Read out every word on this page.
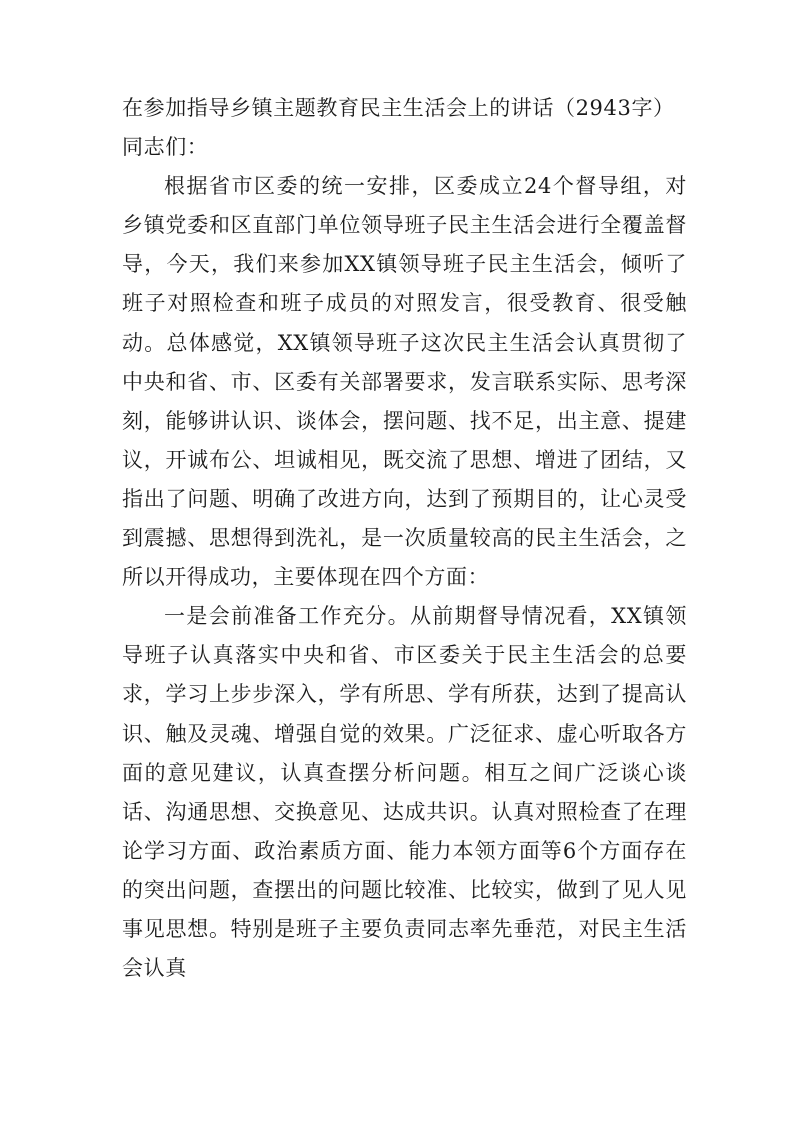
在参加指导乡镇主题教育民主生活会上的讲话（2943字）

同志们：

根据省市区委的统一安排，区委成立24个督导组，对乡镇党委和区直部门单位领导班子民主生活会进行全覆盖督导，今天，我们来参加XX镇领导班子民主生活会，倾听了班子对照检查和班子成员的对照发言，很受教育、很受触动。总体感觉，XX镇领导班子这次民主生活会认真贯彻了中央和省、市、区委有关部署要求，发言联系实际、思考深刻，能够讲认识、谈体会，摆问题、找不足，出主意、提建议，开诚布公、坦诚相见，既交流了思想、增进了团结，又指出了问题、明确了改进方向，达到了预期目的，让心灵受到震撼、思想得到洗礼，是一次质量较高的民主生活会，之所以开得成功，主要体现在四个方面：

一是会前准备工作充分。从前期督导情况看，XX镇领导班子认真落实中央和省、市区委关于民主生活会的总要求，学习上步步深入，学有所思、学有所获，达到了提高认识、触及灵魂、增强自觉的效果。广泛征求、虚心听取各方面的意见建议，认真查摆分析问题。相互之间广泛谈心谈话、沟通思想、交换意见、达成共识。认真对照检查了在理论学习方面、政治素质方面、能力本领方面等6个方面存在的突出问题，查摆出的问题比较准、比较实，做到了见人见事见思想。特别是班子主要负责同志率先垂范，对民主生活会认真
